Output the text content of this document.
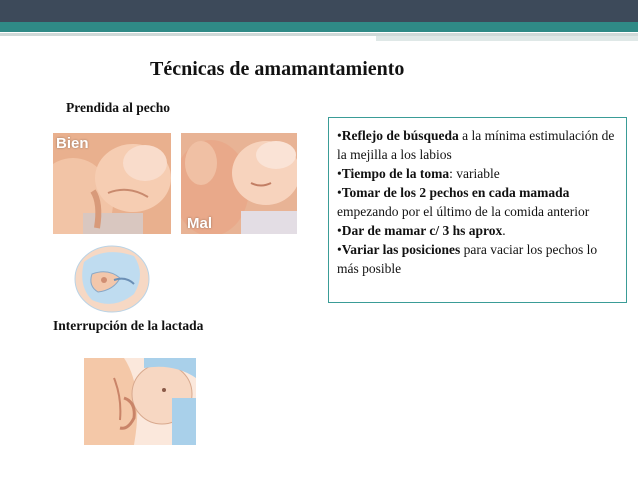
Técnicas de amamantamiento
Prendida al pecho
Bien
Mal
Interrupción de la lactada
•Reflejo de búsqueda a la mínima estimulación de la mejilla a los labios
•Tiempo de la toma: variable
•Tomar de los 2 pechos en cada mamada empezando por el último de la comida anterior
•Dar de mamar c/ 3 hs aprox.
•Variar las posiciones para vaciar los pechos lo más posible
